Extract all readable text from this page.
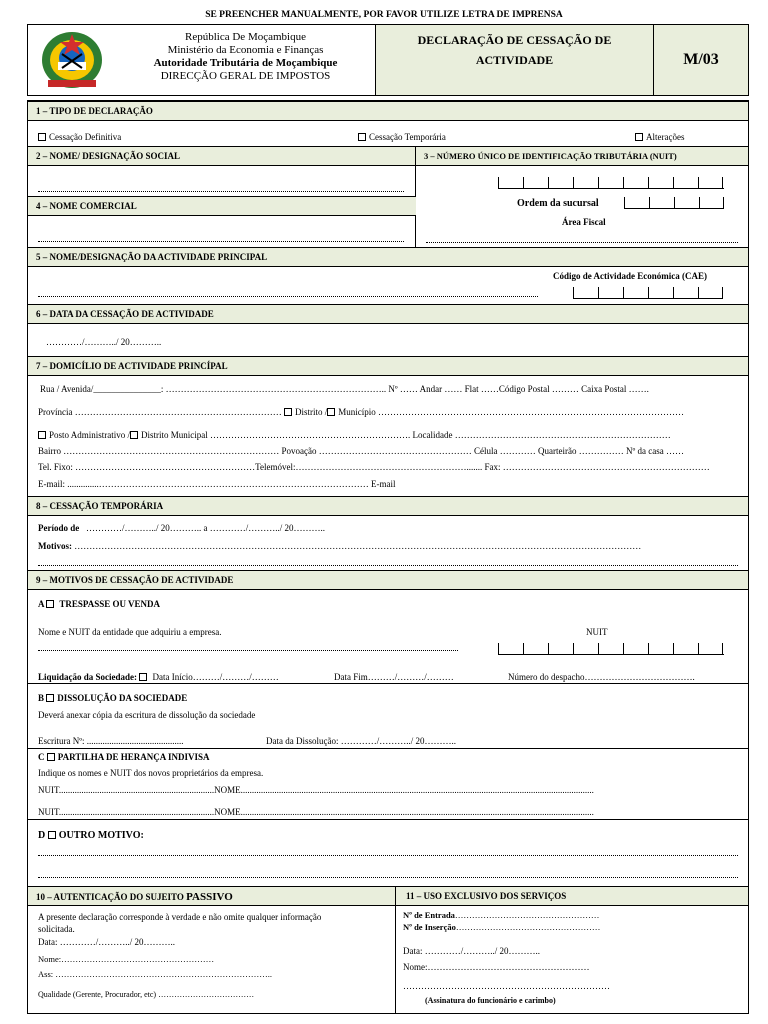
SE PREENCHER MANUALMENTE, POR FAVOR UTILIZE LETRA DE IMPRENSA
República De Moçambique
Ministério da Economia e Finanças
Autoridade Tributária de Moçambique
DIRECÇÃO GERAL DE IMPOSTOS
DECLARAÇÃO DE CESSAÇÃO DE
ACTIVIDADE	M/03
1 – TIPO DE DECLARAÇÃO
Cessação Definitiva	Cessação Temporária	Alterações
2 – NOME/ DESIGNAÇÃO SOCIAL	3 – NÚMERO ÚNICO DE IDENTIFICAÇÃO TRIBUTÁRIA (NUIT)
Ordem da sucursal
Área Fiscal
4 – NOME COMERCIAL
5 – NOME/DESIGNAÇÃO DA ACTIVIDADE PRINCIPAL
Código de Actividade Económica (CAE)
6 – DATA DA CESSAÇÃO DE ACTIVIDADE
…………/………../ 20………..
7 – DOMICÍLIO DE ACTIVIDADE PRINCÍPAL
Rua / Avenida/_______________: ……………………………………………………………….. Nº …… Andar …… Flat ……Código Postal ……… Caixa Postal …….
Província …………………………………………………………… Distrito / Município …………………………………………………………………………………………
Posto Administrativo / Distrito Municipal …………………………………………………………. Localidade ………………………………………………………………
Bairro ……………………………………………………………… Povoação …………………………………………… Célula ………… Quarteirão …………… Nº da casa ……
Tel. Fixo: ……………………………………………………Telemóvel:…………………………………………………....... Fax: ……………………………………………………………
E-mail: ..............……………………………………………………………………………… E-mail
8 – CESSAÇÃO TEMPORÁRIA
Período de …………/………../ 20……….. a …………/………../ 20………..
Motivos: ………………………………………………………………………………………………………………………………………………………………………
9 – MOTIVOS DE CESSAÇÃO DE ACTIVIDADE
A TRESPASSE OU VENDA
Nome e NUIT da entidade que adquiriu a empresa.	NUIT
Liquidação da Sociedade: Data Início………/………/………	Data Fim………/………/………	Número do despacho……………………………….
B DISSOLUÇÃO DA SOCIEDADE
Deverá anexar cópia da escritura de dissolução da sociedade
Escritura Nº: ...........................................	Data da Dissolução: …………/………../ 20………..
C PARTILHA DE HERANÇA INDIVISA
Indique os nomes e NUIT dos novos proprietários da empresa.
NUIT.....................................................................NOME.............................................................................................................................................................
NUIT.....................................................................NOME.............................................................................................................................................................
D OUTRO MOTIVO:
10 – AUTENTICAÇÃO DO SUJEITO PASSIVO	11 – USO EXCLUSIVO DOS SERVIÇOS
A presente declaração corresponde à verdade e não omite qualquer informação
solicitada.
Data: …………/………../ 20………..
Nome:………………………………………………
Ass: …………………………………………………………………..
Qualidade (Gerente, Procurador, etc) ………………………………
Nº de Entrada……………………………………………
Nº de Inserção……………………………………………
Data: …………/………../ 20………..
Nome:………………………………………………
……………………………………………………………
(Assinatura do funcionário e carimbo)
